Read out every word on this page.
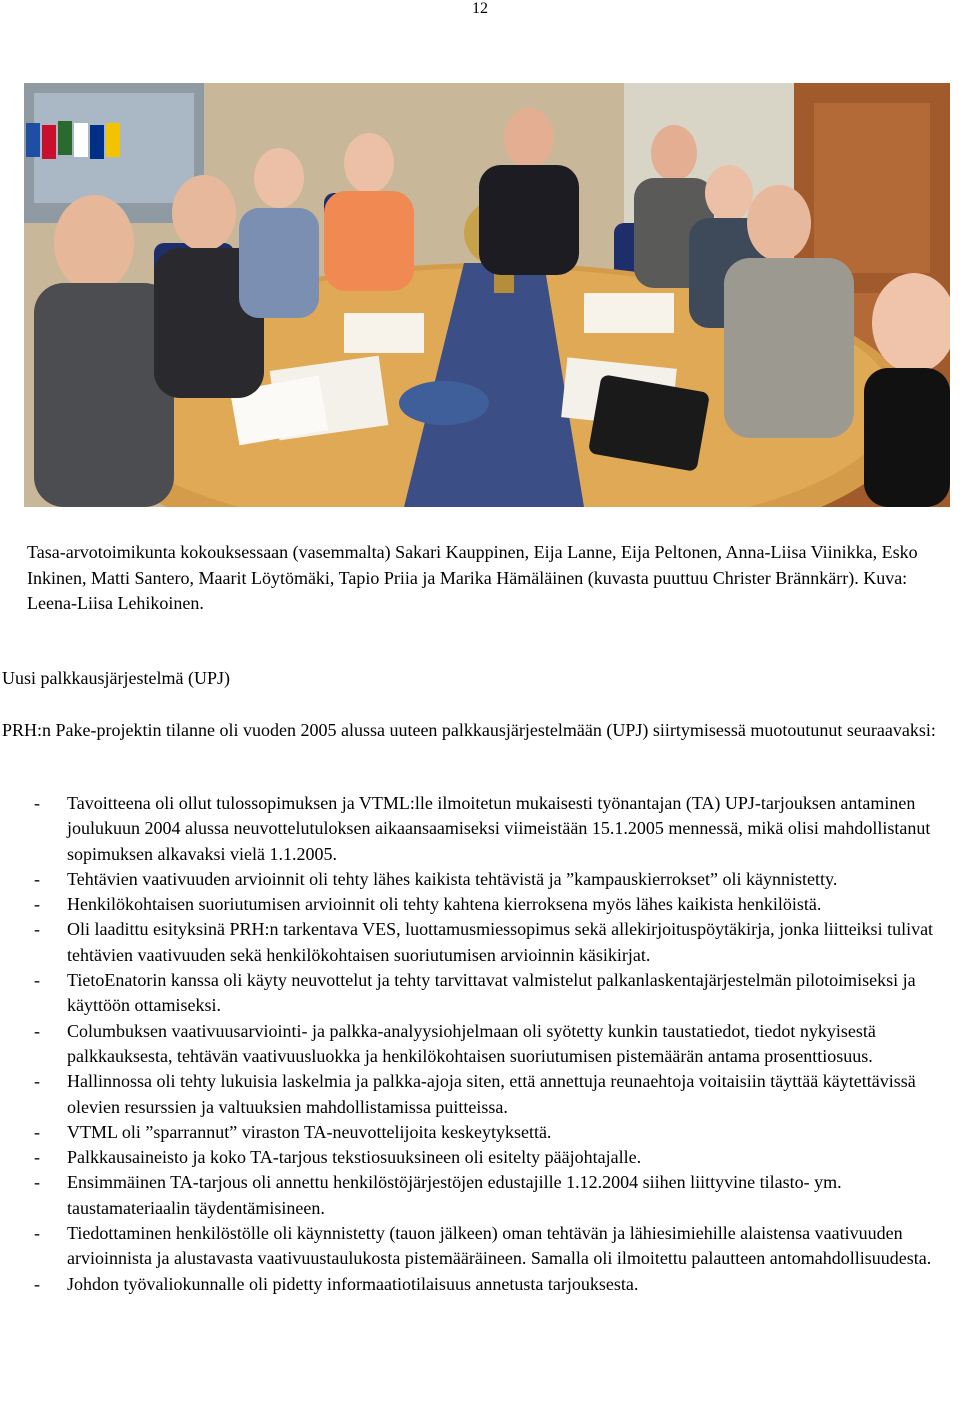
12
Tasa-arvotoimikunta kokouksessaan (vasemmalta) Sakari Kauppinen, Eija Lanne, Eija Peltonen, Anna-Liisa Viinikka, Esko Inkinen, Matti Santero, Maarit Löytömäki, Tapio Priia ja Marika Hämäläinen (kuvasta puuttuu Christer Brännkärr). Kuva: Leena-Liisa Lehikoinen.
Uusi palkkausjärjestelmä (UPJ)
PRH:n Pake-projektin tilanne oli vuoden 2005 alussa uuteen palkkausjärjestelmään (UPJ) siirtymisessä muotoutunut seuraavaksi:
- Tavoitteena oli ollut tulossopimuksen ja VTML:lle ilmoitetun mukaisesti työnantajan (TA) UPJ-tarjouksen antaminen joulukuun 2004 alussa neuvottelutuloksen aikaansaamiseksi viimeistään 15.1.2005 mennessä, mikä olisi mahdollistanut sopimuksen alkavaksi vielä 1.1.2005.
- Tehtävien vaativuuden arvioinnit oli tehty lähes kaikista tehtävistä ja ”kampauskierrokset” oli käynnistetty.
- Henkilökohtaisen suoriutumisen arvioinnit oli tehty kahtena kierroksena myös lähes kaikista henkilöistä.
- Oli laadittu esityksinä PRH:n tarkentava VES, luottamusmiessopimus sekä allekirjoituspöytäkirja, jonka liitteiksi tulivat tehtävien vaativuuden sekä henkilökohtaisen suoriutumisen arvioinnin käsikirjat.
- TietoEnatorin kanssa oli käyty neuvottelut ja tehty tarvittavat valmistelut palkanlaskentajärjestelmän pilotoimiseksi ja käyttöön ottamiseksi.
- Columbuksen vaativuusarviointi- ja palkka-analyysiohjelmaan oli syötetty kunkin taustatiedot, tiedot nykyisestä palkkauksesta, tehtävän vaativuusluokka ja henkilökohtaisen suoriutumisen pistemäärän antama prosenttiosuus.
- Hallinnossa oli tehty lukuisia laskelmia ja palkka-ajoja siten, että annettuja reunaehtoja voitaisiin täyttää käytettävissä olevien resurssien ja valtuuksien mahdollistamissa puitteissa.
- VTML oli ”sparrannut” viraston TA-neuvottelijoita keskeytyksettä.
- Palkkausaineisto ja koko TA-tarjous tekstiosuuksineen oli esitelty pääjohtajalle.
- Ensimmäinen TA-tarjous oli annettu henkilöstöjärjestöjen edustajille 1.12.2004 siihen liittyvine tilasto- ym. taustamateriaalin täydentämisineen.
- Tiedottaminen henkilöstölle oli käynnistetty (tauon jälkeen) oman tehtävän ja lähiesimiehille alaistensa vaativuuden arvioinnista ja alustavasta vaativuustaulukosta pistemääräineen. Samalla oli ilmoitettu palautteen antomahdollisuudesta.
- Johdon työvaliokunnalle oli pidetty informaatiotilaisuus annetusta tarjouksesta.
